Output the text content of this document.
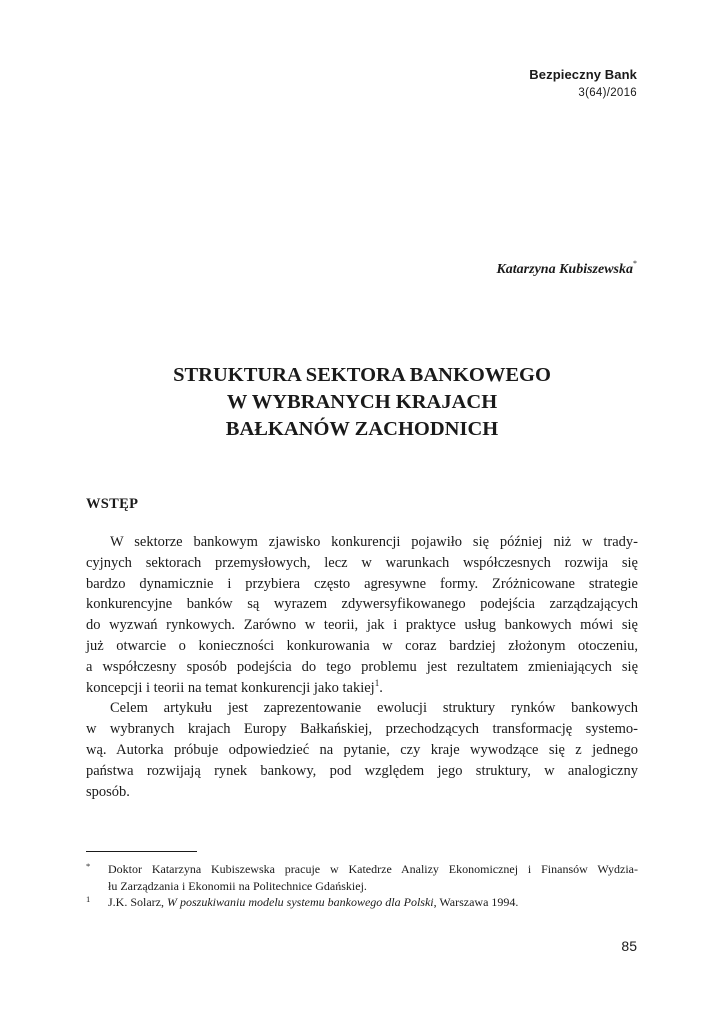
Bezpieczny Bank
3(64)/2016
Katarzyna Kubiszewska*
STRUKTURA SEKTORA BANKOWEGO
W WYBRANYCH KRAJACH
BAŁKANÓW ZACHODNICH
WSTĘP
W sektorze bankowym zjawisko konkurencji pojawiło się później niż w trady-
cyjnych sektorach przemysłowych, lecz w warunkach współczesnych rozwija się
bardzo dynamicznie i przybiera często agresywne formy. Zróżnicowane strategie
konkurencyjne banków są wyrazem zdywersyfikowanego podejścia zarządzających
do wyzwań rynkowych. Zarówno w teorii, jak i praktyce usług bankowych mówi się
już otwarcie o konieczności konkurowania w coraz bardziej złożonym otoczeniu,
a współczesny sposób podejścia do tego problemu jest rezultatem zmieniających się
koncepcji i teorii na temat konkurencji jako takiej$^1$.
Celem artykułu jest zaprezentowanie ewolucji struktury rynków bankowych
w wybranych krajach Europy Bałkańskiej, przechodzących transformację systemo-
wą. Autorka próbuje odpowiedzieć na pytanie, czy kraje wywodzące się z jednego
państwa rozwijają rynek bankowy, pod względem jego struktury, w analogiczny
sposób.
* Doktor Katarzyna Kubiszewska pracuje w Katedrze Analizy Ekonomicznej i Finansów Wydzia-
łu Zarządzania i Ekonomii na Politechnice Gdańskiej.
1 J.K. Solarz, W poszukiwaniu modelu systemu bankowego dla Polski, Warszawa 1994.
85
